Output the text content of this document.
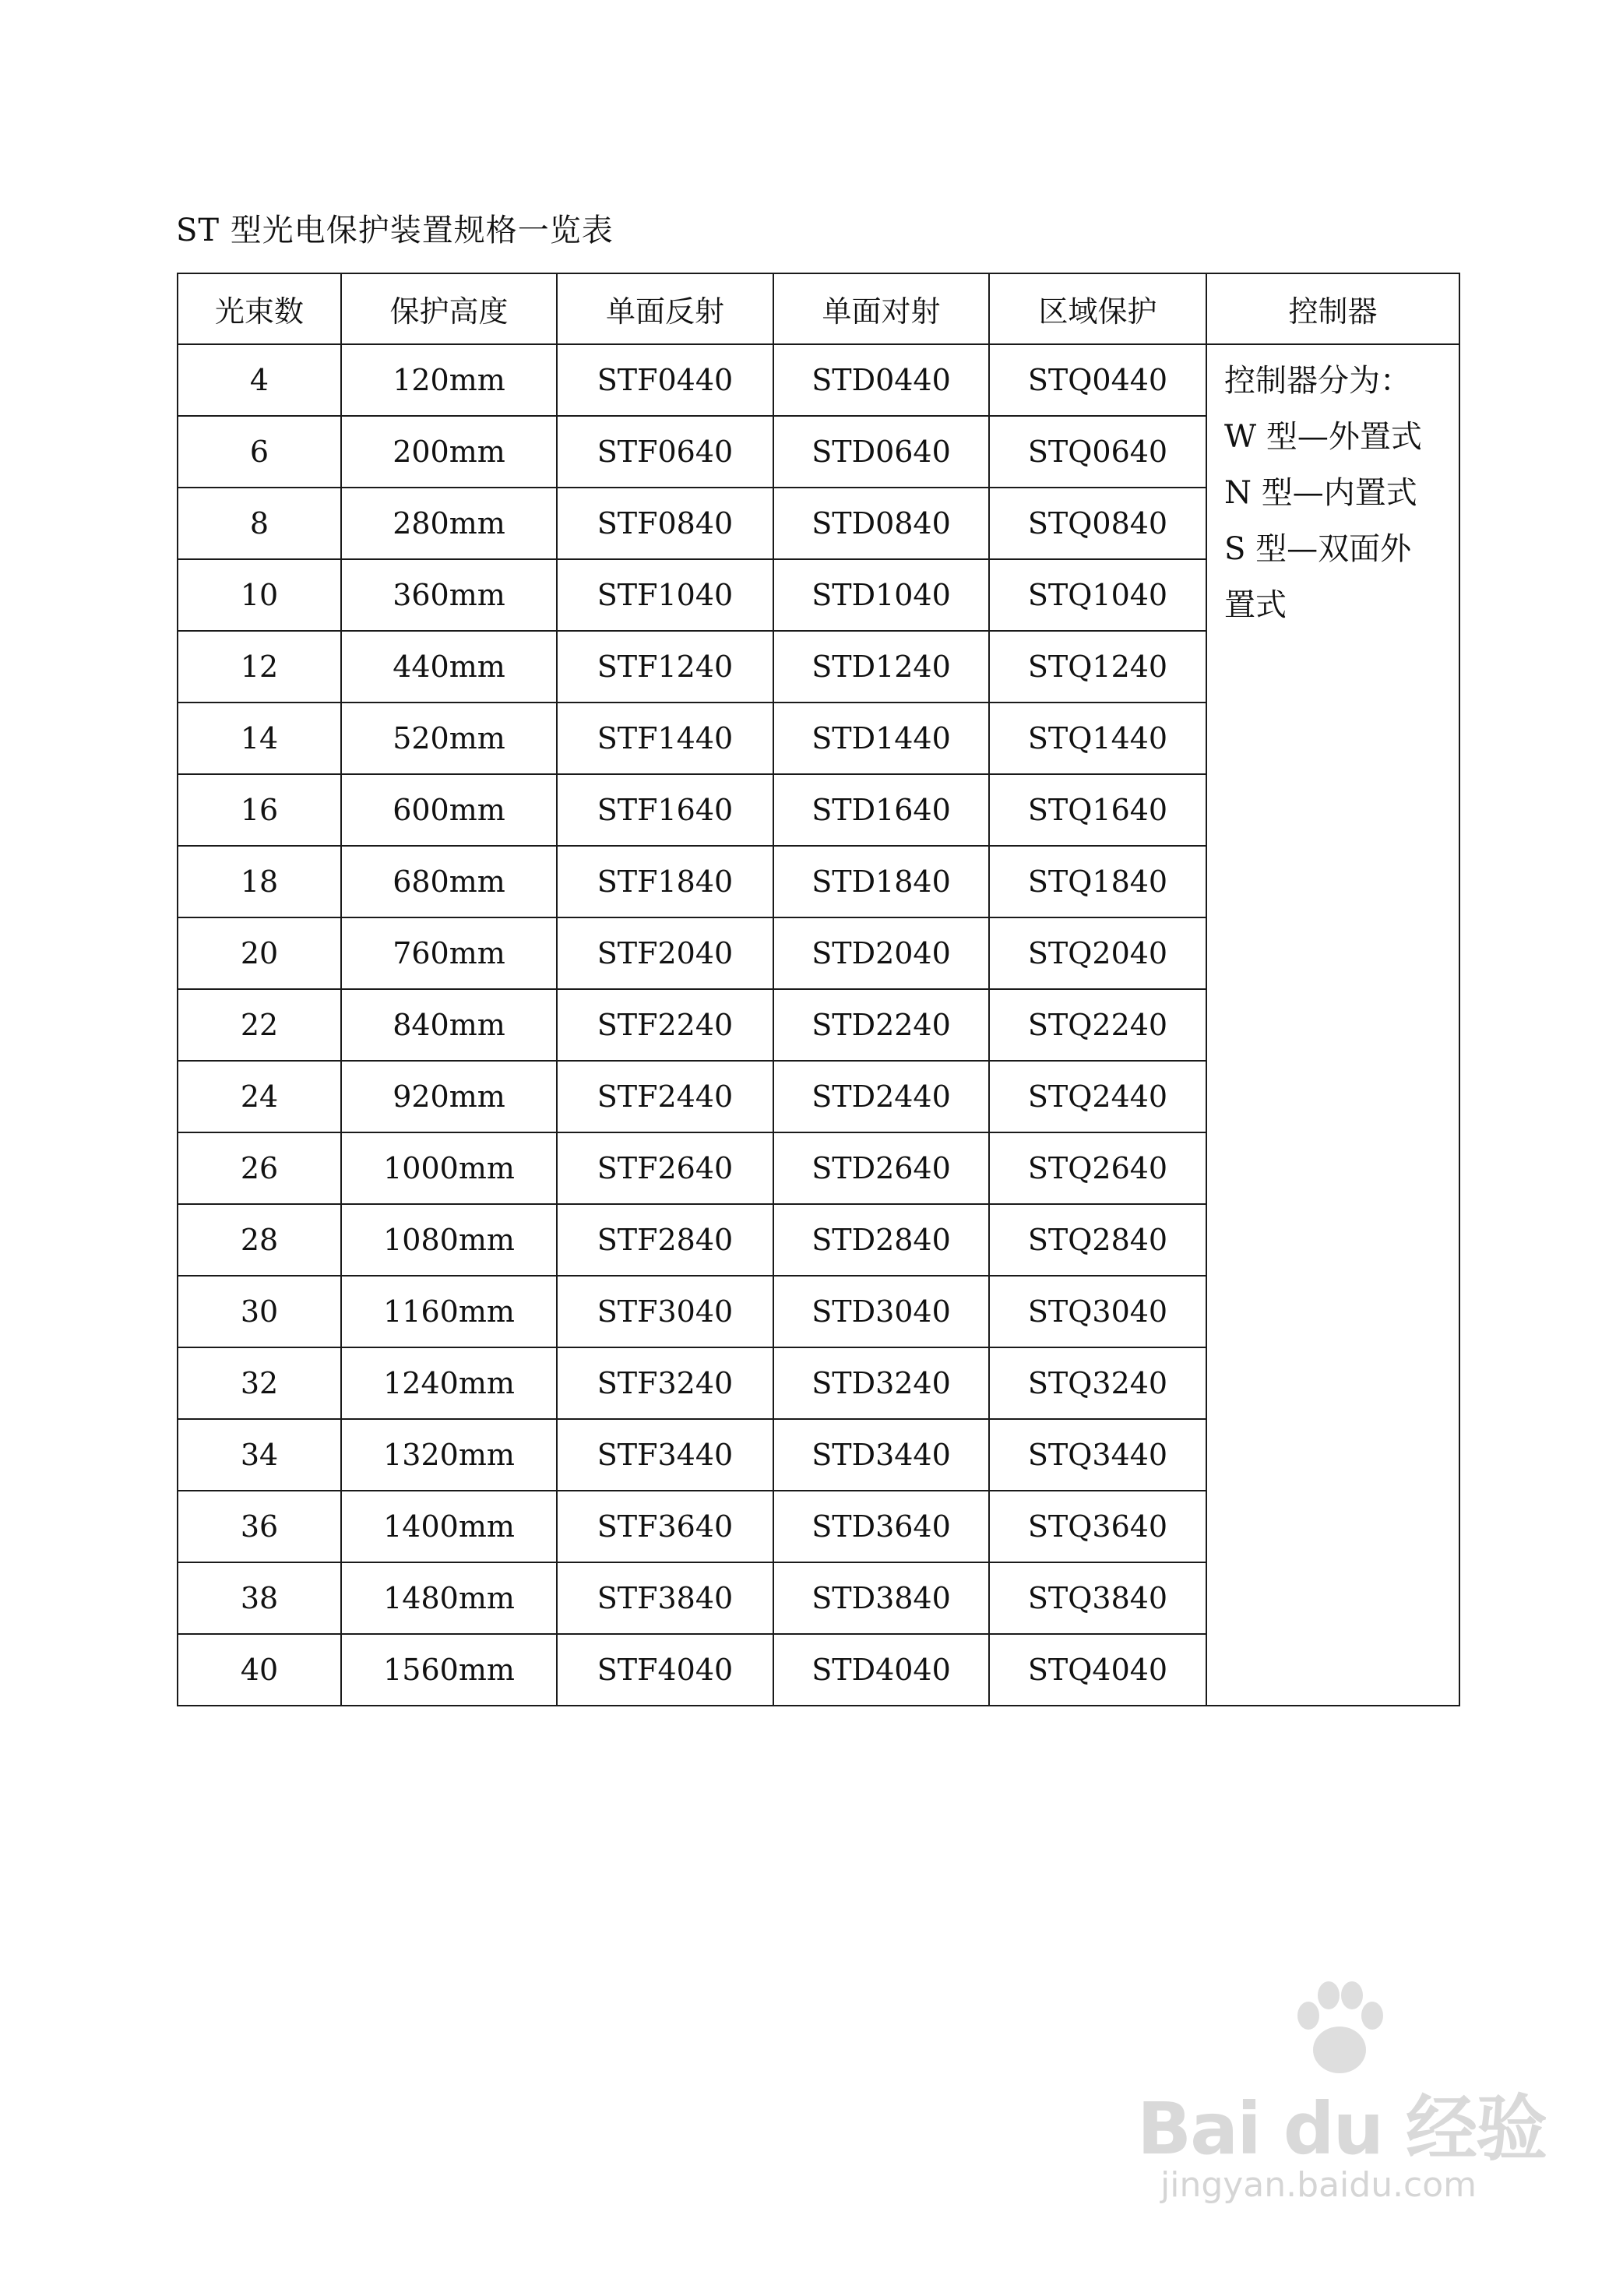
ST 型光电保护装置规格一览表
光束数	保护高度	单面反射	单面对射	区域保护	控制器
4	120mm	STF0440	STD0440	STQ0440	控制器分为：
W 型—外置式
N 型—内置式
S 型—双面外
置式

6	200mm	STF0640	STD0640	STQ0640	
8	280mm	STF0840	STD0840	STQ0840	
10	360mm	STF1040	STD1040	STQ1040	
12	440mm	STF1240	STD1240	STQ1240	
14	520mm	STF1440	STD1440	STQ1440	
16	600mm	STF1640	STD1640	STQ1640	
18	680mm	STF1840	STD1840	STQ1840	
20	760mm	STF2040	STD2040	STQ2040	
22	840mm	STF2240	STD2240	STQ2240	
24	920mm	STF2440	STD2440	STQ2440	
26	1000mm	STF2640	STD2640	STQ2640	
28	1080mm	STF2840	STD2840	STQ2840	
30	1160mm	STF3040	STD3040	STQ3040	
32	1240mm	STF3240	STD3240	STQ3240	
34	1320mm	STF3440	STD3440	STQ3440	
36	1400mm	STF3640	STD3640	STQ3640	
38	1480mm	STF3840	STD3840	STQ3840	
40	1560mm	STF4040	STD4040	STQ4040	
Bai du 经验
jingyan.baidu.com
